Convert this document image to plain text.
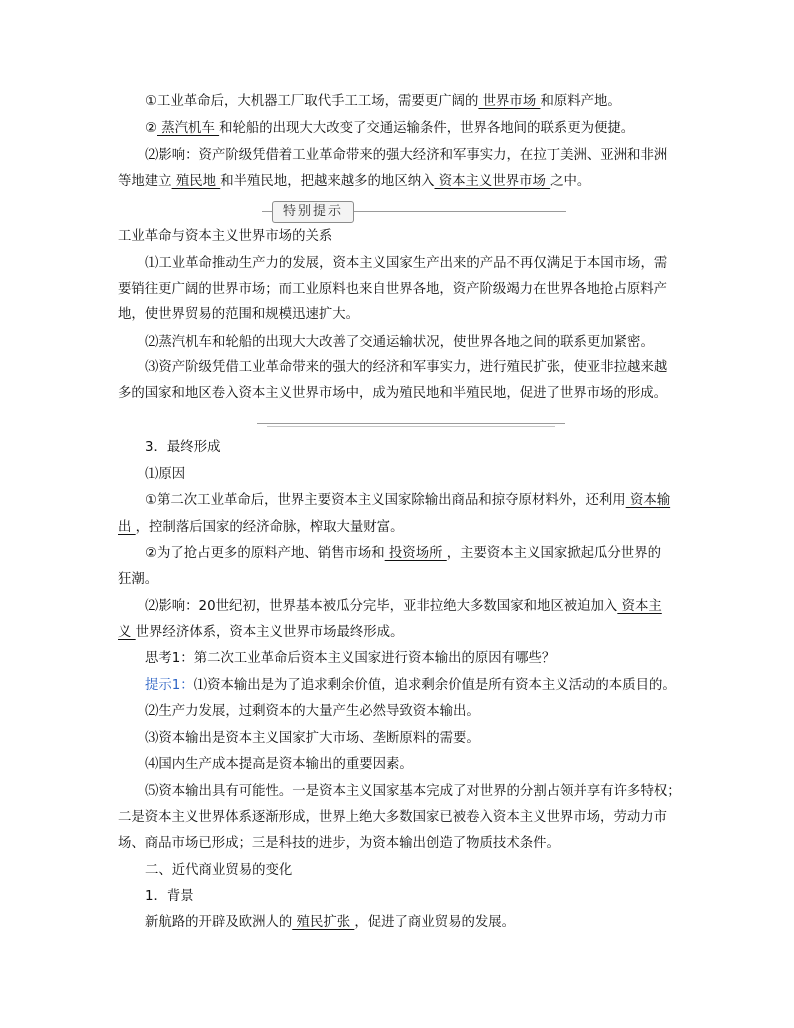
①工业革命后，大机器工厂取代手工工场，需要更广阔的 世界市场 和原料产地。
② 蒸汽机车 和轮船的出现大大改变了交通运输条件，世界各地间的联系更为便捷。
⑵影响：资产阶级凭借着工业革命带来的强大经济和军事实力，在拉丁美洲、亚洲和非洲
等地建立 殖民地 和半殖民地，把越来越多的地区纳入 资本主义世界市场 之中。
特别提示
工业革命与资本主义世界市场的关系
⑴工业革命推动生产力的发展，资本主义国家生产出来的产品不再仅满足于本国市场，需
要销往更广阔的世界市场；而工业原料也来自世界各地，资产阶级竭力在世界各地抢占原料产
地，使世界贸易的范围和规模迅速扩大。
⑵蒸汽机车和轮船的出现大大改善了交通运输状况，使世界各地之间的联系更加紧密。
⑶资产阶级凭借工业革命带来的强大的经济和军事实力，进行殖民扩张，使亚非拉越来越
多的国家和地区卷入资本主义世界市场中，成为殖民地和半殖民地，促进了世界市场的形成。
3．最终形成
⑴原因
①第二次工业革命后，世界主要资本主义国家除输出商品和掠夺原材料外，还利用 资本输
出 ，控制落后国家的经济命脉，榨取大量财富。
②为了抢占更多的原料产地、销售市场和 投资场所 ，主要资本主义国家掀起瓜分世界的
狂潮。
⑵影响：20世纪初，世界基本被瓜分完毕，亚非拉绝大多数国家和地区被迫加入 资本主
义 世界经济体系，资本主义世界市场最终形成。
思考1：第二次工业革命后资本主义国家进行资本输出的原因有哪些？
提示1：⑴资本输出是为了追求剩余价值，追求剩余价值是所有资本主义活动的本质目的。
⑵生产力发展，过剩资本的大量产生必然导致资本输出。
⑶资本输出是资本主义国家扩大市场、垄断原料的需要。
⑷国内生产成本提高是资本输出的重要因素。
⑸资本输出具有可能性。一是资本主义国家基本完成了对世界的分割占领并享有许多特权；
二是资本主义世界体系逐渐形成，世界上绝大多数国家已被卷入资本主义世界市场，劳动力市
场、商品市场已形成；三是科技的进步，为资本输出创造了物质技术条件。
二、近代商业贸易的变化
1．背景
新航路的开辟及欧洲人的 殖民扩张 ，促进了商业贸易的发展。
